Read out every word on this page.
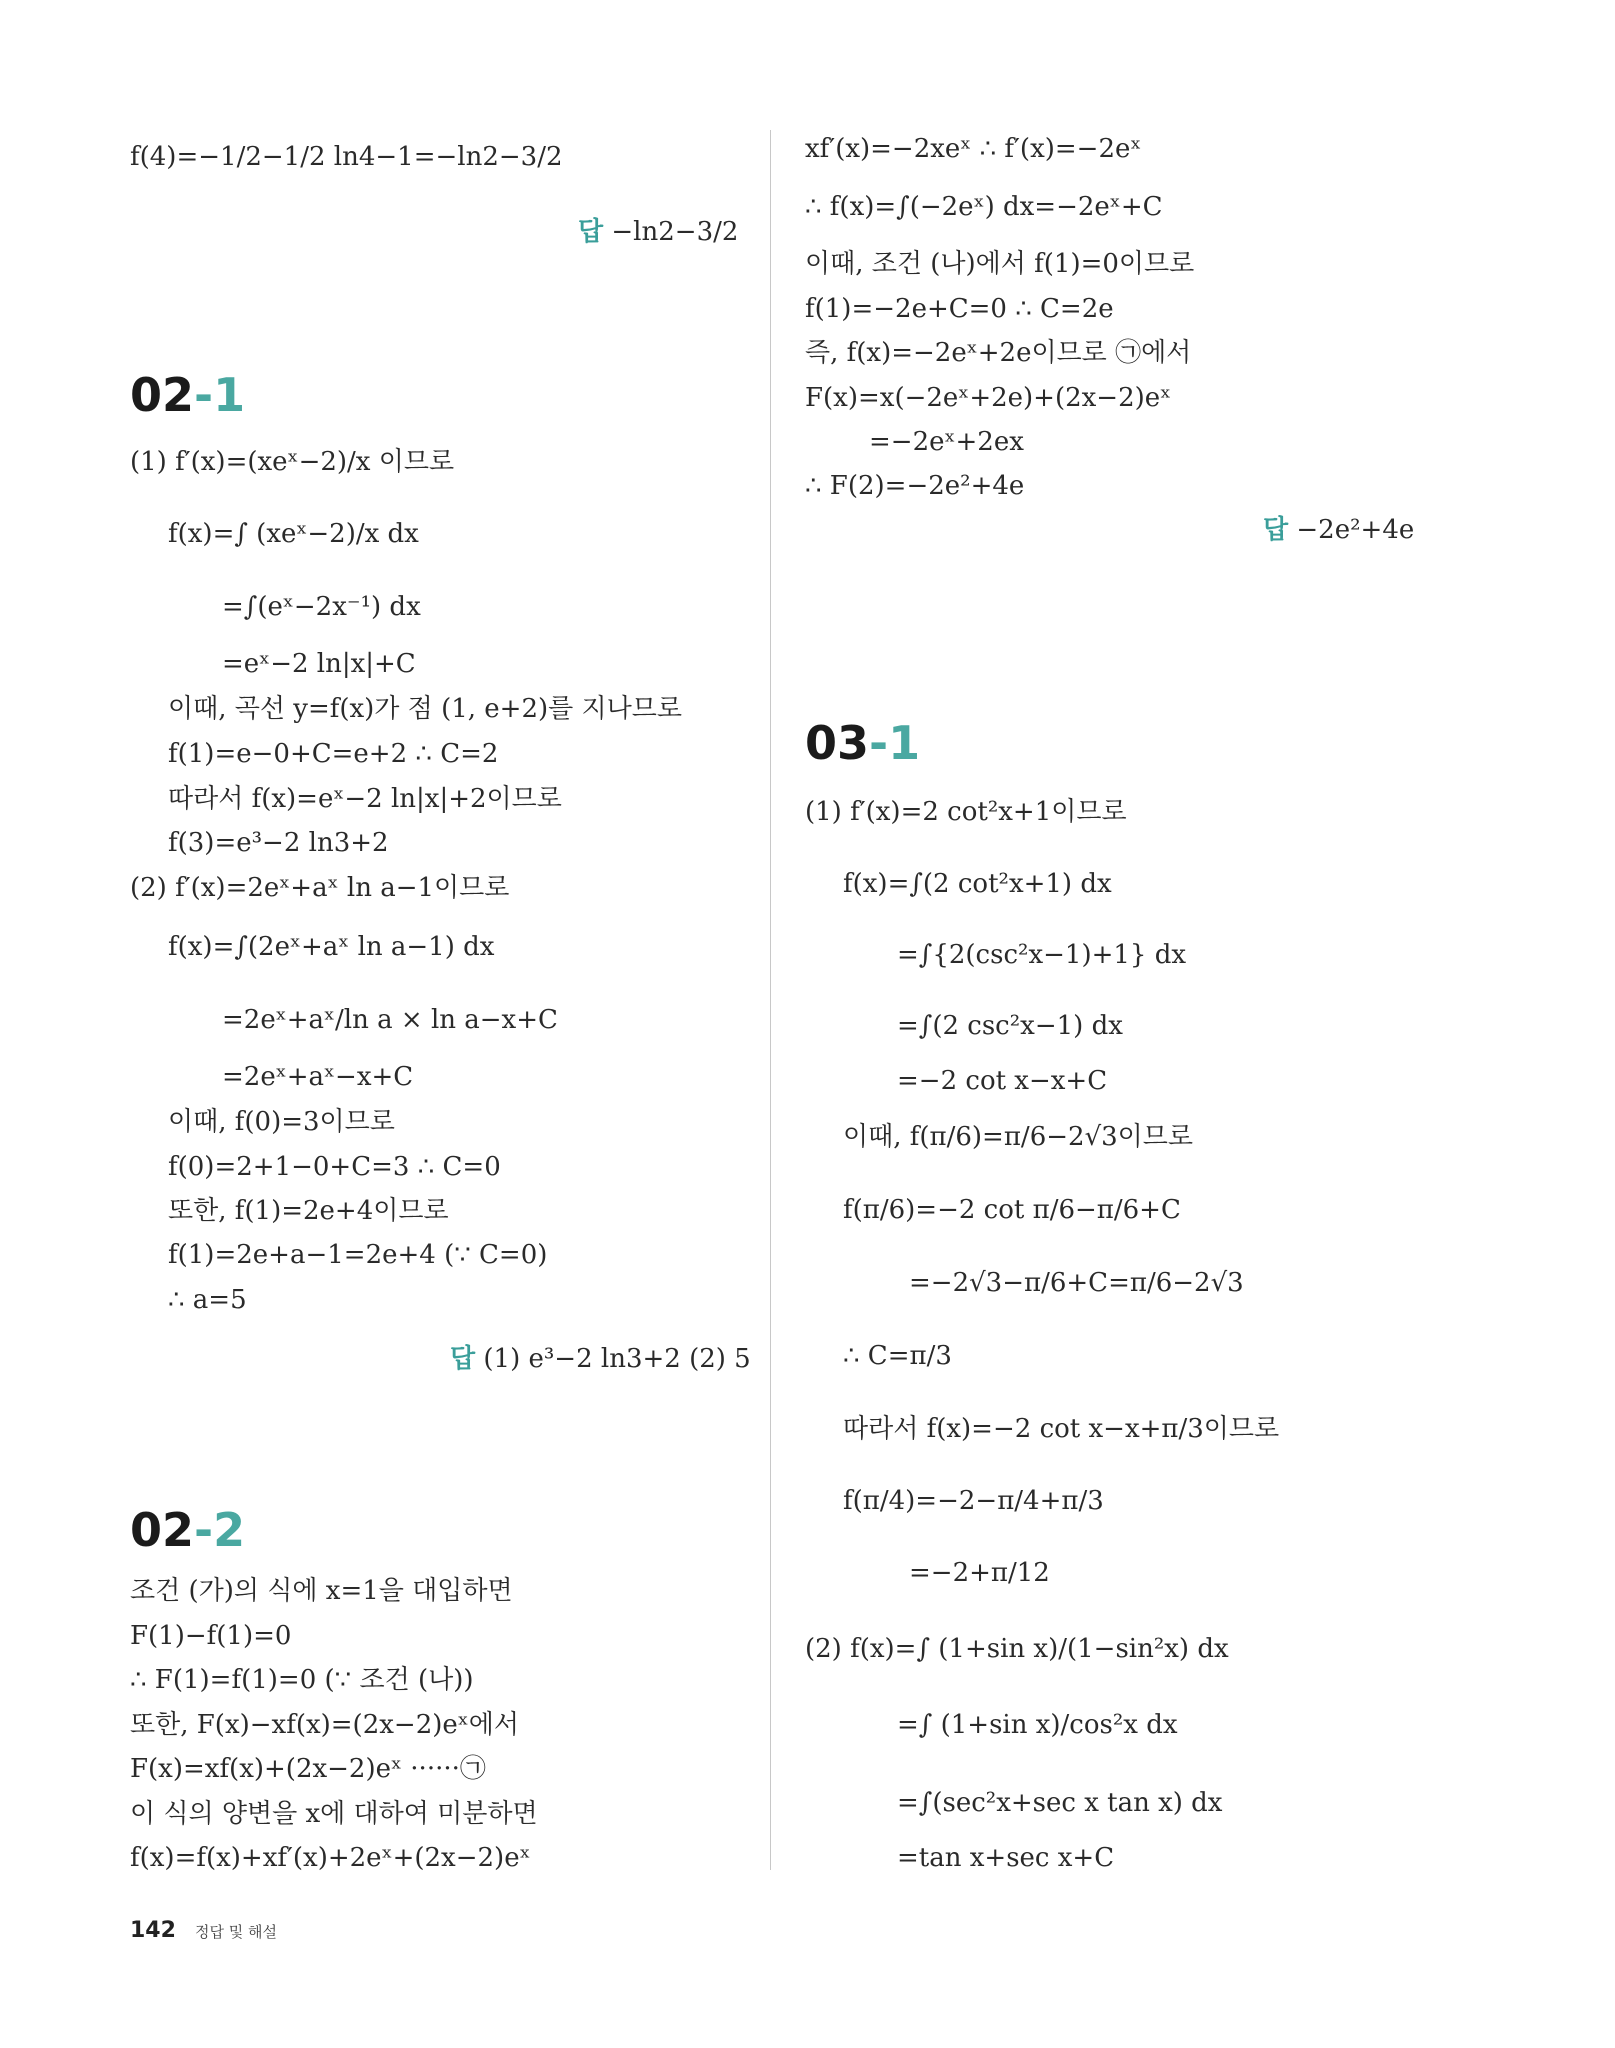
f(4)=−1/2−1/2 ln4−1=−ln2−3/2
답 −ln2−3/2
02-1
(1) f′(x)=(xeˣ−2)/x 이므로
f(x)=∫ (xeˣ−2)/x dx
=∫(eˣ−2x⁻¹) dx
=eˣ−2 ln|x|+C
이때, 곡선 y=f(x)가 점 (1, e+2)를 지나므로
f(1)=e−0+C=e+2 ∴ C=2
따라서 f(x)=eˣ−2 ln|x|+2이므로
f(3)=e³−2 ln3+2
(2) f′(x)=2eˣ+aˣ ln a−1이므로
f(x)=∫(2eˣ+aˣ ln a−1) dx
=2eˣ+aˣ/ln a × ln a−x+C
=2eˣ+aˣ−x+C
이때, f(0)=3이므로
f(0)=2+1−0+C=3 ∴ C=0
또한, f(1)=2e+4이므로
f(1)=2e+a−1=2e+4 (∵ C=0)
∴ a=5
답 (1) e³−2 ln3+2 (2) 5
02-2
조건 (가)의 식에 x=1을 대입하면
F(1)−f(1)=0
∴ F(1)=f(1)=0 (∵ 조건 (나))
또한, F(x)−xf(x)=(2x−2)eˣ에서
F(x)=xf(x)+(2x−2)eˣ ······㉠
이 식의 양변을 x에 대하여 미분하면
f(x)=f(x)+xf′(x)+2eˣ+(2x−2)eˣ
xf′(x)=−2xeˣ ∴ f′(x)=−2eˣ
∴ f(x)=∫(−2eˣ) dx=−2eˣ+C
이때, 조건 (나)에서 f(1)=0이므로
f(1)=−2e+C=0 ∴ C=2e
즉, f(x)=−2eˣ+2e이므로 ㉠에서
F(x)=x(−2eˣ+2e)+(2x−2)eˣ
=−2eˣ+2ex
∴ F(2)=−2e²+4e
답 −2e²+4e
03-1
(1) f′(x)=2 cot²x+1이므로
f(x)=∫(2 cot²x+1) dx
=∫{2(csc²x−1)+1} dx
=∫(2 csc²x−1) dx
=−2 cot x−x+C
이때, f(π/6)=π/6−2√3이므로
f(π/6)=−2 cot π/6−π/6+C
=−2√3−π/6+C=π/6−2√3
∴ C=π/3
따라서 f(x)=−2 cot x−x+π/3이므로
f(π/4)=−2−π/4+π/3
=−2+π/12
(2) f(x)=∫ (1+sin x)/(1−sin²x) dx
=∫ (1+sin x)/cos²x dx
=∫(sec²x+sec x tan x) dx
=tan x+sec x+C
142 정답 및 해설
